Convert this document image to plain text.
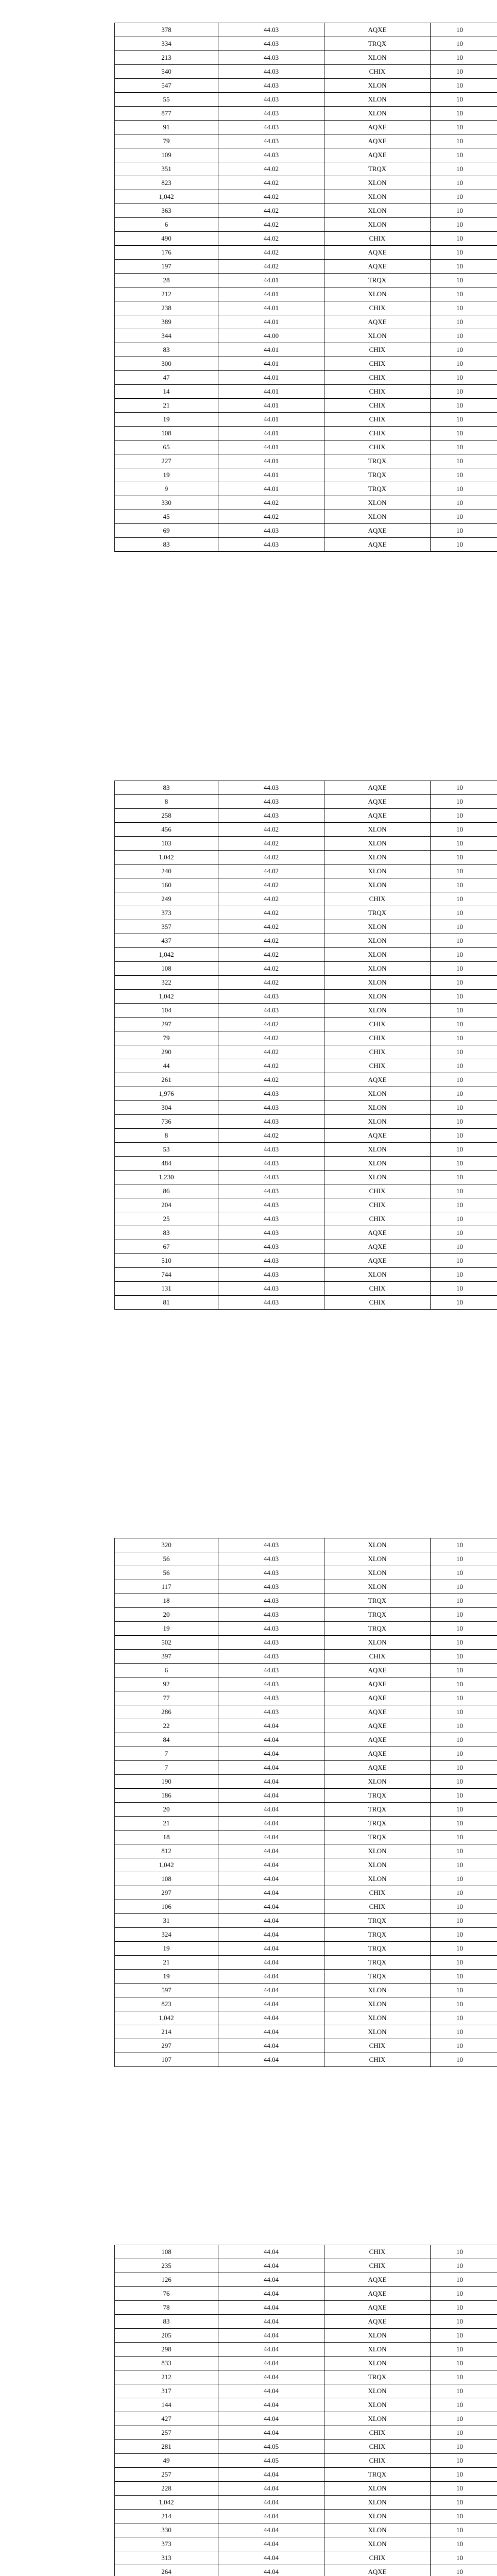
378	44.03	AQXE	10
334	44.03	TRQX	10
213	44.03	XLON	10
540	44.03	CHIX	10
547	44.03	XLON	10
55	44.03	XLON	10
877	44.03	XLON	10
91	44.03	AQXE	10
79	44.03	AQXE	10
109	44.03	AQXE	10
351	44.02	TRQX	10
823	44.02	XLON	10
1,042	44.02	XLON	10
363	44.02	XLON	10
6	44.02	XLON	10
490	44.02	CHIX	10
176	44.02	AQXE	10
197	44.02	AQXE	10
28	44.01	TRQX	10
212	44.01	XLON	10
238	44.01	CHIX	10
389	44.01	AQXE	10
344	44.00	XLON	10
83	44.01	CHIX	10
300	44.01	CHIX	10
47	44.01	CHIX	10
14	44.01	CHIX	10
21	44.01	CHIX	10
19	44.01	CHIX	10
108	44.01	CHIX	10
65	44.01	CHIX	10
227	44.01	TRQX	10
19	44.01	TRQX	10
9	44.01	TRQX	10
330	44.02	XLON	10
45	44.02	XLON	10
69	44.03	AQXE	10
83	44.03	AQXE	10
83	44.03	AQXE	10
8	44.03	AQXE	10
258	44.03	AQXE	10
456	44.02	XLON	10
103	44.02	XLON	10
1,042	44.02	XLON	10
240	44.02	XLON	10
160	44.02	XLON	10
249	44.02	CHIX	10
373	44.02	TRQX	10
357	44.02	XLON	10
437	44.02	XLON	10
1,042	44.02	XLON	10
108	44.02	XLON	10
322	44.02	XLON	10
1,042	44.03	XLON	10
104	44.03	XLON	10
297	44.02	CHIX	10
79	44.02	CHIX	10
290	44.02	CHIX	10
44	44.02	CHIX	10
261	44.02	AQXE	10
1,976	44.03	XLON	10
304	44.03	XLON	10
736	44.03	XLON	10
8	44.02	AQXE	10
53	44.03	XLON	10
484	44.03	XLON	10
1,230	44.03	XLON	10
86	44.03	CHIX	10
204	44.03	CHIX	10
25	44.03	CHIX	10
83	44.03	AQXE	10
67	44.03	AQXE	10
510	44.03	AQXE	10
744	44.03	XLON	10
131	44.03	CHIX	10
81	44.03	CHIX	10
320	44.03	XLON	10
56	44.03	XLON	10
56	44.03	XLON	10
117	44.03	XLON	10
18	44.03	TRQX	10
20	44.03	TRQX	10
19	44.03	TRQX	10
502	44.03	XLON	10
397	44.03	CHIX	10
6	44.03	AQXE	10
92	44.03	AQXE	10
77	44.03	AQXE	10
286	44.03	AQXE	10
22	44.04	AQXE	10
84	44.04	AQXE	10
7	44.04	AQXE	10
7	44.04	AQXE	10
190	44.04	XLON	10
186	44.04	TRQX	10
20	44.04	TRQX	10
21	44.04	TRQX	10
18	44.04	TRQX	10
812	44.04	XLON	10
1,042	44.04	XLON	10
108	44.04	XLON	10
297	44.04	CHIX	10
106	44.04	CHIX	10
31	44.04	TRQX	10
324	44.04	TRQX	10
19	44.04	TRQX	10
21	44.04	TRQX	10
19	44.04	TRQX	10
597	44.04	XLON	10
823	44.04	XLON	10
1,042	44.04	XLON	10
214	44.04	XLON	10
297	44.04	CHIX	10
107	44.04	CHIX	10
108	44.04	CHIX	10
235	44.04	CHIX	10
126	44.04	AQXE	10
76	44.04	AQXE	10
78	44.04	AQXE	10
83	44.04	AQXE	10
205	44.04	XLON	10
298	44.04	XLON	10
833	44.04	XLON	10
212	44.04	TRQX	10
317	44.04	XLON	10
144	44.04	XLON	10
427	44.04	XLON	10
257	44.04	CHIX	10
281	44.05	CHIX	10
49	44.05	CHIX	10
257	44.04	TRQX	10
228	44.04	XLON	10
1,042	44.04	XLON	10
214	44.04	XLON	10
330	44.04	XLON	10
373	44.04	XLON	10
313	44.04	CHIX	10
264	44.04	AQXE	10
